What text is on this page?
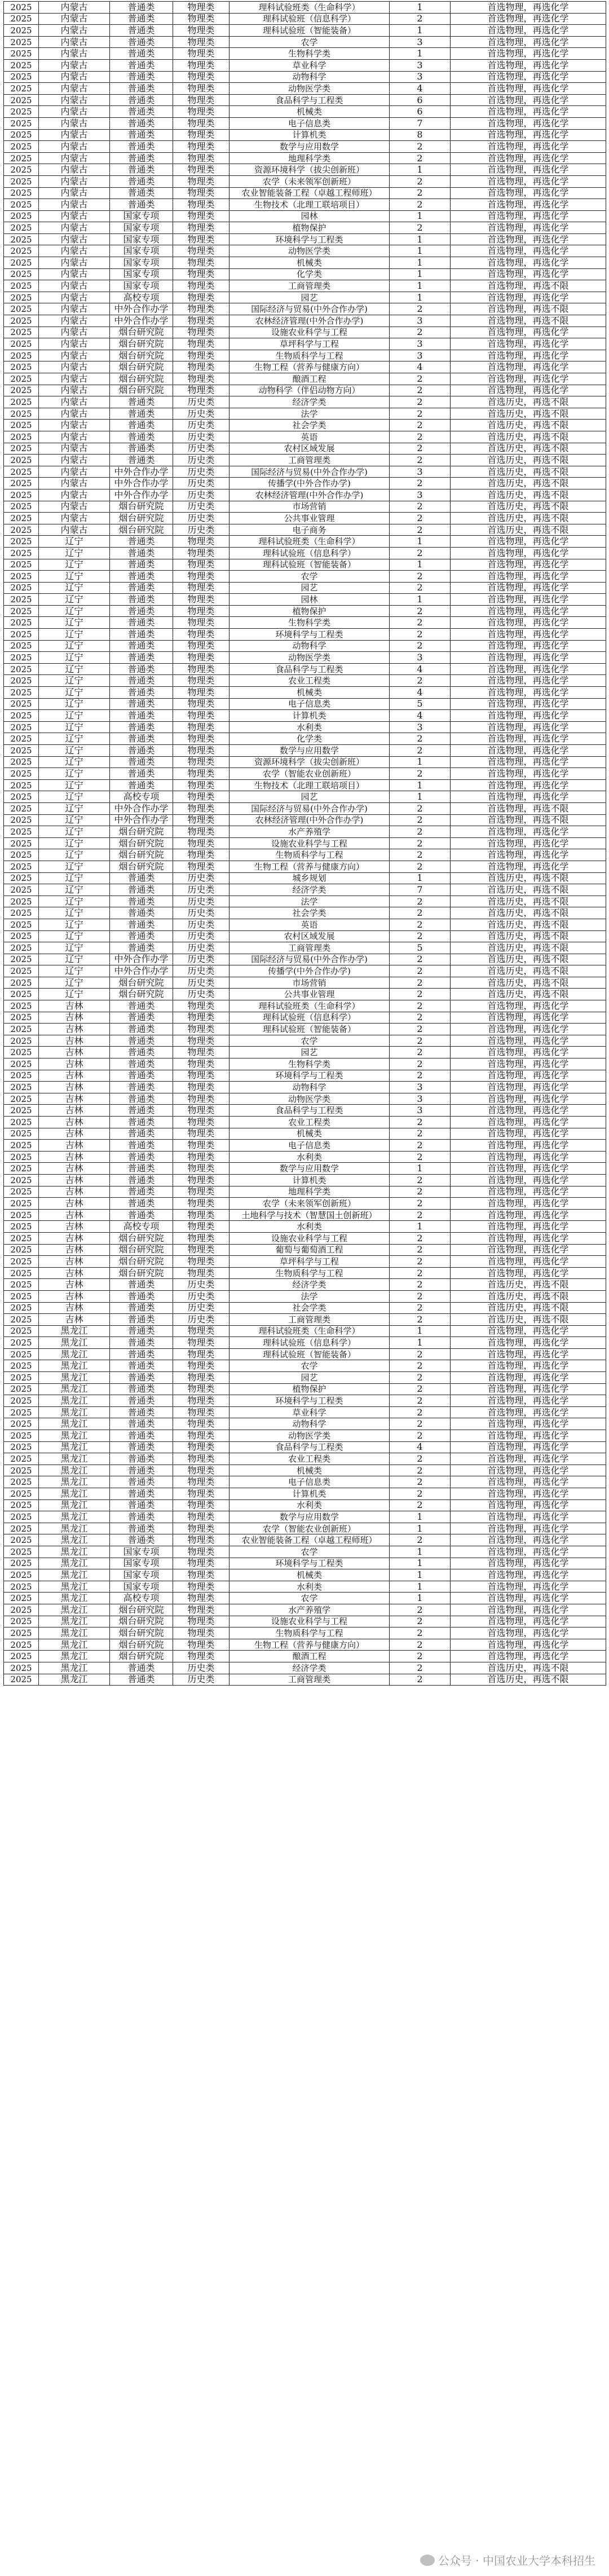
2025	内蒙古	普通类	物理类	理科试验班类（生命科学）	1	首选物理，再选化学
2025	内蒙古	普通类	物理类	理科试验班（信息科学）	2	首选物理，再选化学
2025	内蒙古	普通类	物理类	理科试验班（智能装备）	1	首选物理，再选化学
2025	内蒙古	普通类	物理类	农学	3	首选物理，再选化学
2025	内蒙古	普通类	物理类	生物科学类	1	首选物理，再选化学
2025	内蒙古	普通类	物理类	草业科学	3	首选物理，再选化学
2025	内蒙古	普通类	物理类	动物科学	3	首选物理，再选化学
2025	内蒙古	普通类	物理类	动物医学类	4	首选物理，再选化学
2025	内蒙古	普通类	物理类	食品科学与工程类	6	首选物理，再选化学
2025	内蒙古	普通类	物理类	机械类	6	首选物理，再选化学
2025	内蒙古	普通类	物理类	电子信息类	7	首选物理，再选化学
2025	内蒙古	普通类	物理类	计算机类	8	首选物理，再选化学
2025	内蒙古	普通类	物理类	数学与应用数学	2	首选物理，再选化学
2025	内蒙古	普通类	物理类	地理科学类	2	首选物理，再选化学
2025	内蒙古	普通类	物理类	资源环境科学（拔尖创新班）	1	首选物理，再选化学
2025	内蒙古	普通类	物理类	农学（未来领军创新班）	2	首选物理，再选化学
2025	内蒙古	普通类	物理类	农业智能装备工程（卓越工程师班）	2	首选物理，再选化学
2025	内蒙古	普通类	物理类	生物技术（北理工联培项目）	2	首选物理，再选化学
2025	内蒙古	国家专项	物理类	园林	1	首选物理，再选化学
2025	内蒙古	国家专项	物理类	植物保护	2	首选物理，再选化学
2025	内蒙古	国家专项	物理类	环境科学与工程类	1	首选物理，再选化学
2025	内蒙古	国家专项	物理类	动物医学类	1	首选物理，再选化学
2025	内蒙古	国家专项	物理类	机械类	1	首选物理，再选化学
2025	内蒙古	国家专项	物理类	化学类	1	首选物理，再选化学
2025	内蒙古	国家专项	物理类	工商管理类	1	首选物理，再选不限
2025	内蒙古	高校专项	物理类	园艺	1	首选物理，再选化学
2025	内蒙古	中外合作办学	物理类	国际经济与贸易(中外合作办学)	2	首选物理，再选不限
2025	内蒙古	中外合作办学	物理类	农林经济管理(中外合作办学)	3	首选物理，再选不限
2025	内蒙古	烟台研究院	物理类	设施农业科学与工程	2	首选物理，再选化学
2025	内蒙古	烟台研究院	物理类	草坪科学与工程	3	首选物理，再选化学
2025	内蒙古	烟台研究院	物理类	生物质科学与工程	3	首选物理，再选化学
2025	内蒙古	烟台研究院	物理类	生物工程（营养与健康方向）	4	首选物理，再选化学
2025	内蒙古	烟台研究院	物理类	酿酒工程	2	首选物理，再选化学
2025	内蒙古	烟台研究院	物理类	动物科学（伴侣动物方向）	2	首选物理，再选化学
2025	内蒙古	普通类	历史类	经济学类	2	首选历史，再选不限
2025	内蒙古	普通类	历史类	法学	2	首选历史，再选不限
2025	内蒙古	普通类	历史类	社会学类	2	首选历史，再选不限
2025	内蒙古	普通类	历史类	英语	2	首选历史，再选不限
2025	内蒙古	普通类	历史类	农村区域发展	2	首选历史，再选不限
2025	内蒙古	普通类	历史类	工商管理类	2	首选历史，再选不限
2025	内蒙古	中外合作办学	历史类	国际经济与贸易(中外合作办学)	3	首选历史，再选不限
2025	内蒙古	中外合作办学	历史类	传播学(中外合作办学)	2	首选历史，再选不限
2025	内蒙古	中外合作办学	历史类	农林经济管理(中外合作办学)	3	首选历史，再选不限
2025	内蒙古	烟台研究院	历史类	市场营销	2	首选历史，再选不限
2025	内蒙古	烟台研究院	历史类	公共事业管理	2	首选历史，再选不限
2025	内蒙古	烟台研究院	历史类	电子商务	2	首选历史，再选不限
2025	辽宁	普通类	物理类	理科试验班类（生命科学）	1	首选物理，再选化学
2025	辽宁	普通类	物理类	理科试验班（信息科学）	2	首选物理，再选化学
2025	辽宁	普通类	物理类	理科试验班（智能装备）	1	首选物理，再选化学
2025	辽宁	普通类	物理类	农学	2	首选物理，再选化学
2025	辽宁	普通类	物理类	园艺	2	首选物理，再选化学
2025	辽宁	普通类	物理类	园林	1	首选物理，再选化学
2025	辽宁	普通类	物理类	植物保护	2	首选物理，再选化学
2025	辽宁	普通类	物理类	生物科学类	2	首选物理，再选化学
2025	辽宁	普通类	物理类	环境科学与工程类	2	首选物理，再选化学
2025	辽宁	普通类	物理类	动物科学	2	首选物理，再选化学
2025	辽宁	普通类	物理类	动物医学类	3	首选物理，再选化学
2025	辽宁	普通类	物理类	食品科学与工程类	4	首选物理，再选化学
2025	辽宁	普通类	物理类	农业工程类	2	首选物理，再选化学
2025	辽宁	普通类	物理类	机械类	4	首选物理，再选化学
2025	辽宁	普通类	物理类	电子信息类	5	首选物理，再选化学
2025	辽宁	普通类	物理类	计算机类	4	首选物理，再选化学
2025	辽宁	普通类	物理类	水利类	3	首选物理，再选化学
2025	辽宁	普通类	物理类	化学类	2	首选物理，再选化学
2025	辽宁	普通类	物理类	数学与应用数学	2	首选物理，再选化学
2025	辽宁	普通类	物理类	资源环境科学（拔尖创新班）	1	首选物理，再选化学
2025	辽宁	普通类	物理类	农学（智能农业创新班）	2	首选物理，再选化学
2025	辽宁	普通类	物理类	生物技术（北理工联培项目）	1	首选物理，再选化学
2025	辽宁	高校专项	物理类	园艺	1	首选物理，再选化学
2025	辽宁	中外合作办学	物理类	国际经济与贸易(中外合作办学)	2	首选物理，再选不限
2025	辽宁	中外合作办学	物理类	农林经济管理(中外合作办学)	2	首选物理，再选不限
2025	辽宁	烟台研究院	物理类	水产养殖学	2	首选物理，再选化学
2025	辽宁	烟台研究院	物理类	设施农业科学与工程	2	首选物理，再选化学
2025	辽宁	烟台研究院	物理类	生物质科学与工程	2	首选物理，再选化学
2025	辽宁	烟台研究院	物理类	生物工程（营养与健康方向）	2	首选物理，再选化学
2025	辽宁	普通类	历史类	城乡规划	1	首选历史，再选不限
2025	辽宁	普通类	历史类	经济学类	7	首选历史，再选不限
2025	辽宁	普通类	历史类	法学	2	首选历史，再选不限
2025	辽宁	普通类	历史类	社会学类	2	首选历史，再选不限
2025	辽宁	普通类	历史类	英语	2	首选历史，再选不限
2025	辽宁	普通类	历史类	农村区域发展	2	首选历史，再选不限
2025	辽宁	普通类	历史类	工商管理类	5	首选历史，再选不限
2025	辽宁	中外合作办学	历史类	国际经济与贸易(中外合作办学)	2	首选历史，再选不限
2025	辽宁	中外合作办学	历史类	传播学(中外合作办学)	2	首选历史，再选不限
2025	辽宁	烟台研究院	历史类	市场营销	2	首选历史，再选不限
2025	辽宁	烟台研究院	历史类	公共事业管理	2	首选历史，再选不限
2025	吉林	普通类	物理类	理科试验班类（生命科学）	2	首选物理，再选化学
2025	吉林	普通类	物理类	理科试验班（信息科学）	2	首选物理，再选化学
2025	吉林	普通类	物理类	理科试验班（智能装备）	2	首选物理，再选化学
2025	吉林	普通类	物理类	农学	2	首选物理，再选化学
2025	吉林	普通类	物理类	园艺	2	首选物理，再选化学
2025	吉林	普通类	物理类	生物科学类	2	首选物理，再选化学
2025	吉林	普通类	物理类	环境科学与工程类	2	首选物理，再选化学
2025	吉林	普通类	物理类	动物科学	3	首选物理，再选化学
2025	吉林	普通类	物理类	动物医学类	3	首选物理，再选化学
2025	吉林	普通类	物理类	食品科学与工程类	3	首选物理，再选化学
2025	吉林	普通类	物理类	农业工程类	2	首选物理，再选化学
2025	吉林	普通类	物理类	机械类	2	首选物理，再选化学
2025	吉林	普通类	物理类	电子信息类	2	首选物理，再选化学
2025	吉林	普通类	物理类	水利类	2	首选物理，再选化学
2025	吉林	普通类	物理类	数学与应用数学	1	首选物理，再选化学
2025	吉林	普通类	物理类	计算机类	2	首选物理，再选化学
2025	吉林	普通类	物理类	地理科学类	2	首选物理，再选化学
2025	吉林	普通类	物理类	农学（未来领军创新班）	2	首选物理，再选化学
2025	吉林	普通类	物理类	土地科学与技术（智慧国土创新班）	2	首选物理，再选化学
2025	吉林	高校专项	物理类	水利类	1	首选物理，再选化学
2025	吉林	烟台研究院	物理类	设施农业科学与工程	2	首选物理，再选化学
2025	吉林	烟台研究院	物理类	葡萄与葡萄酒工程	2	首选物理，再选化学
2025	吉林	烟台研究院	物理类	草坪科学与工程	2	首选物理，再选化学
2025	吉林	烟台研究院	物理类	生物质科学与工程	2	首选物理，再选化学
2025	吉林	普通类	历史类	经济学类	2	首选历史，再选不限
2025	吉林	普通类	历史类	法学	2	首选历史，再选不限
2025	吉林	普通类	历史类	社会学类	2	首选历史，再选不限
2025	吉林	普通类	历史类	工商管理类	2	首选历史，再选不限
2025	黑龙江	普通类	物理类	理科试验班类（生命科学）	1	首选物理，再选化学
2025	黑龙江	普通类	物理类	理科试验班（信息科学）	1	首选物理，再选化学
2025	黑龙江	普通类	物理类	理科试验班（智能装备）	2	首选物理，再选化学
2025	黑龙江	普通类	物理类	农学	2	首选物理，再选化学
2025	黑龙江	普通类	物理类	园艺	2	首选物理，再选化学
2025	黑龙江	普通类	物理类	植物保护	2	首选物理，再选化学
2025	黑龙江	普通类	物理类	环境科学与工程类	2	首选物理，再选化学
2025	黑龙江	普通类	物理类	草业科学	2	首选物理，再选化学
2025	黑龙江	普通类	物理类	动物科学	2	首选物理，再选化学
2025	黑龙江	普通类	物理类	动物医学类	2	首选物理，再选化学
2025	黑龙江	普通类	物理类	食品科学与工程类	4	首选物理，再选化学
2025	黑龙江	普通类	物理类	农业工程类	2	首选物理，再选化学
2025	黑龙江	普通类	物理类	机械类	2	首选物理，再选化学
2025	黑龙江	普通类	物理类	电子信息类	2	首选物理，再选化学
2025	黑龙江	普通类	物理类	计算机类	2	首选物理，再选化学
2025	黑龙江	普通类	物理类	水利类	2	首选物理，再选化学
2025	黑龙江	普通类	物理类	数学与应用数学	1	首选物理，再选化学
2025	黑龙江	普通类	物理类	农学（智能农业创新班）	1	首选物理，再选化学
2025	黑龙江	普通类	物理类	农业智能装备工程（卓越工程师班）	2	首选物理，再选化学
2025	黑龙江	国家专项	物理类	农学	1	首选物理，再选化学
2025	黑龙江	国家专项	物理类	环境科学与工程类	1	首选物理，再选化学
2025	黑龙江	国家专项	物理类	机械类	1	首选物理，再选化学
2025	黑龙江	国家专项	物理类	水利类	1	首选物理，再选化学
2025	黑龙江	高校专项	物理类	农学	1	首选物理，再选化学
2025	黑龙江	烟台研究院	物理类	水产养殖学	2	首选物理，再选化学
2025	黑龙江	烟台研究院	物理类	设施农业科学与工程	2	首选物理，再选化学
2025	黑龙江	烟台研究院	物理类	生物质科学与工程	2	首选物理，再选化学
2025	黑龙江	烟台研究院	物理类	生物工程（营养与健康方向）	2	首选物理，再选化学
2025	黑龙江	烟台研究院	物理类	酿酒工程	2	首选物理，再选化学
2025	黑龙江	普通类	历史类	经济学类	2	首选历史，再选不限
2025	黑龙江	普通类	历史类	工商管理类	2	首选历史，再选不限
公众号 · 中国农业大学本科招生
